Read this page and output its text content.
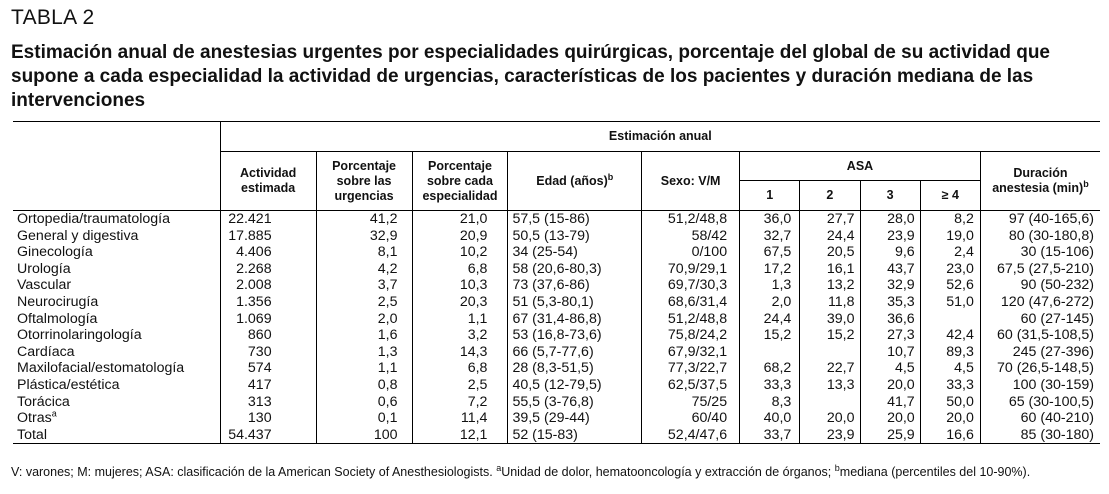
TABLA 2
Estimación anual de anestesias urgentes por especialidades quirúrgicas, porcentaje del global de su actividad que supone a cada especialidad la actividad de urgencias, características de los pacientes y duración mediana de las intervenciones
	Estimación anual									
	Actividad estimada	Porcentaje sobre las urgencias	Porcentaje sobre cada especialidad	Edad (años)$^b$	Sexo: V/M	ASA				Duración anestesia $(\min)^b$
						1	2	3	≥ 4	
Ortopedia/traumatología	22.421	41,2	21,0	57,5 (15-86)	51,2/48,8	36,0	27,7	28,0	8,2	97 (40-165,6)
General y digestiva	17.885	32,9	20,9	50,5 (13-79)	58/42	32,7	24,4	23,9	19,0	80 (30-180,8)
Ginecología	4.406	8,1	10,2	34 (25-54)	0/100	67,5	20,5	9,6	2,4	30 (15-106)
Urología	2.268	4,2	6,8	58 (20,6-80,3)	70,9/29,1	17,2	16,1	43,7	23,0	67,5 (27,5-210)
Vascular	2.008	3,7	10,3	73 (37,6-86)	69,7/30,3	1,3	13,2	32,9	52,6	90 (50-232)
Neurocirugía	1.356	2,5	20,3	51 (5,3-80,1)	68,6/31,4	2,0	11,8	35,3	51,0	120 (47,6-272)
Oftalmología	1.069	2,0	1,1	67 (31,4-86,8)	51,2/48,8	24,4	39,0	36,6		60 (27-145)
Otorrinolaringología	860	1,6	3,2	53 (16,8-73,6)	75,8/24,2	15,2	15,2	27,3	42,4	60 (31,5-108,5)
Cardíaca	730	1,3	14,3	66 (5,7-77,6)	67,9/32,1			10,7	89,3	245 (27-396)
Maxilofacial/estomatología	574	1,1	6,8	28 (8,3-51,5)	77,3/22,7	68,2	22,7	4,5	4,5	70 (26,5-148,5)
Plástica/estética	417	0,8	2,5	40,5 (12-79,5)	62,5/37,5	33,3	13,3	20,0	33,3	100 (30-159)
Torácica	313	0,6	7,2	55,5 (3-76,8)	75/25	8,3		41,7	50,0	65 (30-100,5)
Otras$^a$	130	0,1	11,4	39,5 (29-44)	60/40	40,0	20,0	20,0	20,0	60 (40-210)
Total	54.437	100	12,1	52 (15-83)	52,4/47,6	33,7	23,9	25,9	16,6	85 (30-180)
V: varones; M: mujeres; ASA: clasificación de la American Society of Anesthesiologists. $^a$Unidad de dolor, hematooncología y extracción de órganos; $^b$mediana (percentiles del 10-90%).
